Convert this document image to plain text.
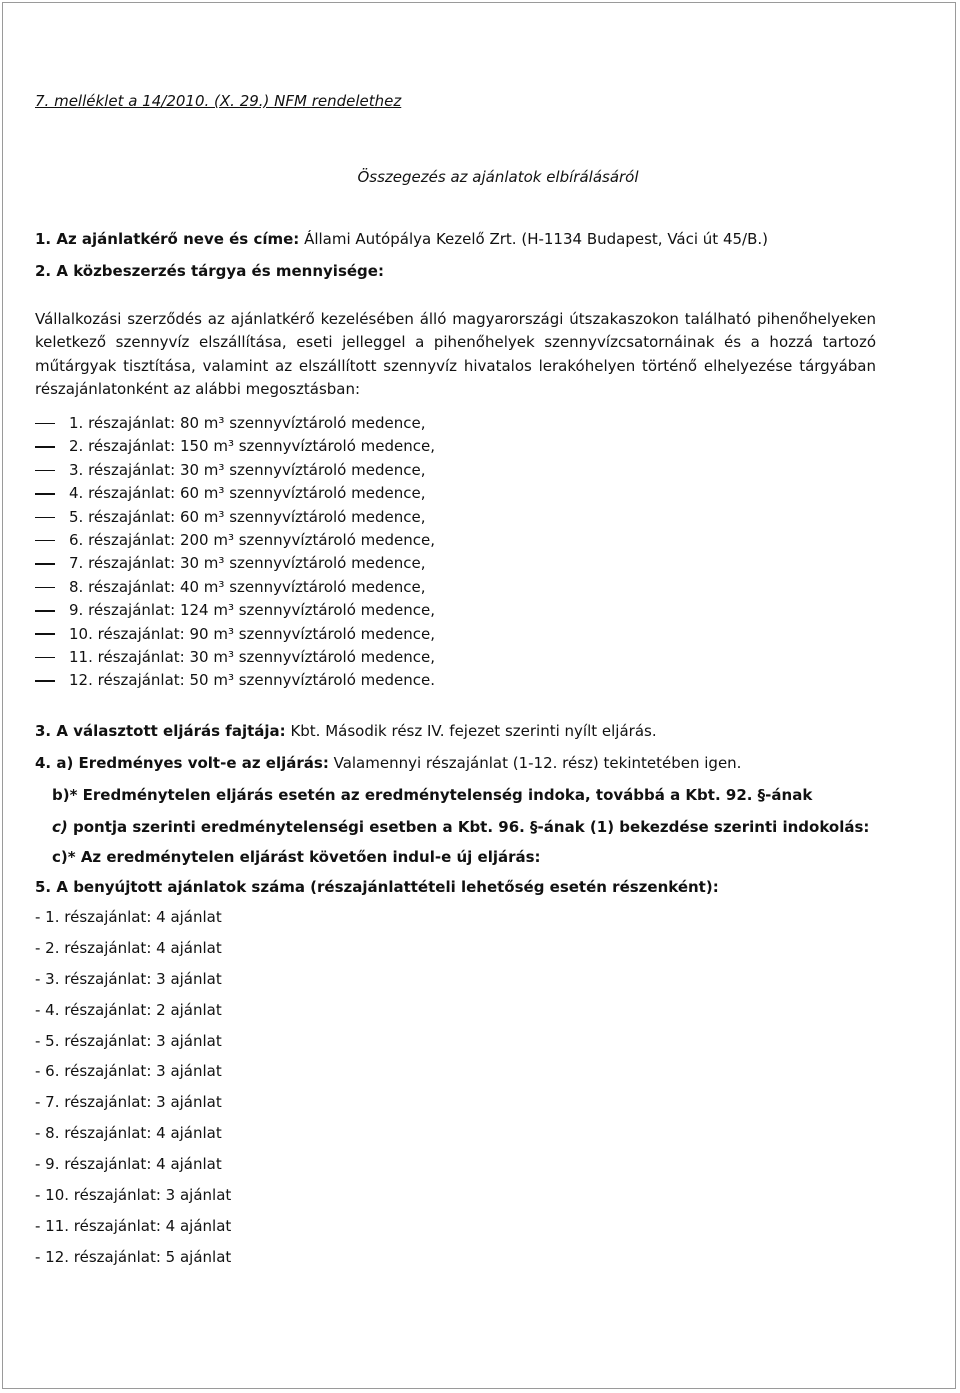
7. melléklet a 14/2010. (X. 29.) NFM rendelethez
Összegezés az ajánlatok elbírálásáról
1. Az ajánlatkérő neve és címe: Állami Autópálya Kezelő Zrt. (H-1134 Budapest, Váci út 45/B.)
2. A közbeszerzés tárgya és mennyisége:
Vállalkozási szerződés az ajánlatkérő kezelésében álló magyarországi útszakaszokon található pihenőhelyeken keletkező szennyvíz elszállítása, eseti jelleggel a pihenőhelyek szennyvízcsatornáinak és a hozzá tartozó műtárgyak tisztítása, valamint az elszállított szennyvíz hivatalos lerakóhelyen történő elhelyezése tárgyában részajánlatonként az alábbi megosztásban:
1. részajánlat: 80 m³ szennyvíztároló medence,
2. részajánlat: 150 m³ szennyvíztároló medence,
3. részajánlat: 30 m³ szennyvíztároló medence,
4. részajánlat: 60 m³ szennyvíztároló medence,
5. részajánlat: 60 m³ szennyvíztároló medence,
6. részajánlat: 200 m³ szennyvíztároló medence,
7. részajánlat: 30 m³ szennyvíztároló medence,
8. részajánlat: 40 m³ szennyvíztároló medence,
9. részajánlat: 124 m³ szennyvíztároló medence,
10. részajánlat: 90 m³ szennyvíztároló medence,
11. részajánlat: 30 m³ szennyvíztároló medence,
12. részajánlat: 50 m³ szennyvíztároló medence.
3. A választott eljárás fajtája: Kbt. Második rész IV. fejezet szerinti nyílt eljárás.
4. a) Eredményes volt-e az eljárás: Valamennyi részajánlat (1-12. rész) tekintetében igen.
b)* Eredménytelen eljárás esetén az eredménytelenség indoka, továbbá a Kbt. 92. §-ának
c) pontja szerinti eredménytelenségi esetben a Kbt. 96. §-ának (1) bekezdése szerinti indokolás:
c)* Az eredménytelen eljárást követően indul-e új eljárás:
5. A benyújtott ajánlatok száma (részajánlattételi lehetőség esetén részenként):
- 1. részajánlat: 4 ajánlat
- 2. részajánlat: 4 ajánlat
- 3. részajánlat: 3 ajánlat
- 4. részajánlat: 2 ajánlat
- 5. részajánlat: 3 ajánlat
- 6. részajánlat: 3 ajánlat
- 7. részajánlat: 3 ajánlat
- 8. részajánlat: 4 ajánlat
- 9. részajánlat: 4 ajánlat
- 10. részajánlat: 3 ajánlat
- 11. részajánlat: 4 ajánlat
- 12. részajánlat: 5 ajánlat
